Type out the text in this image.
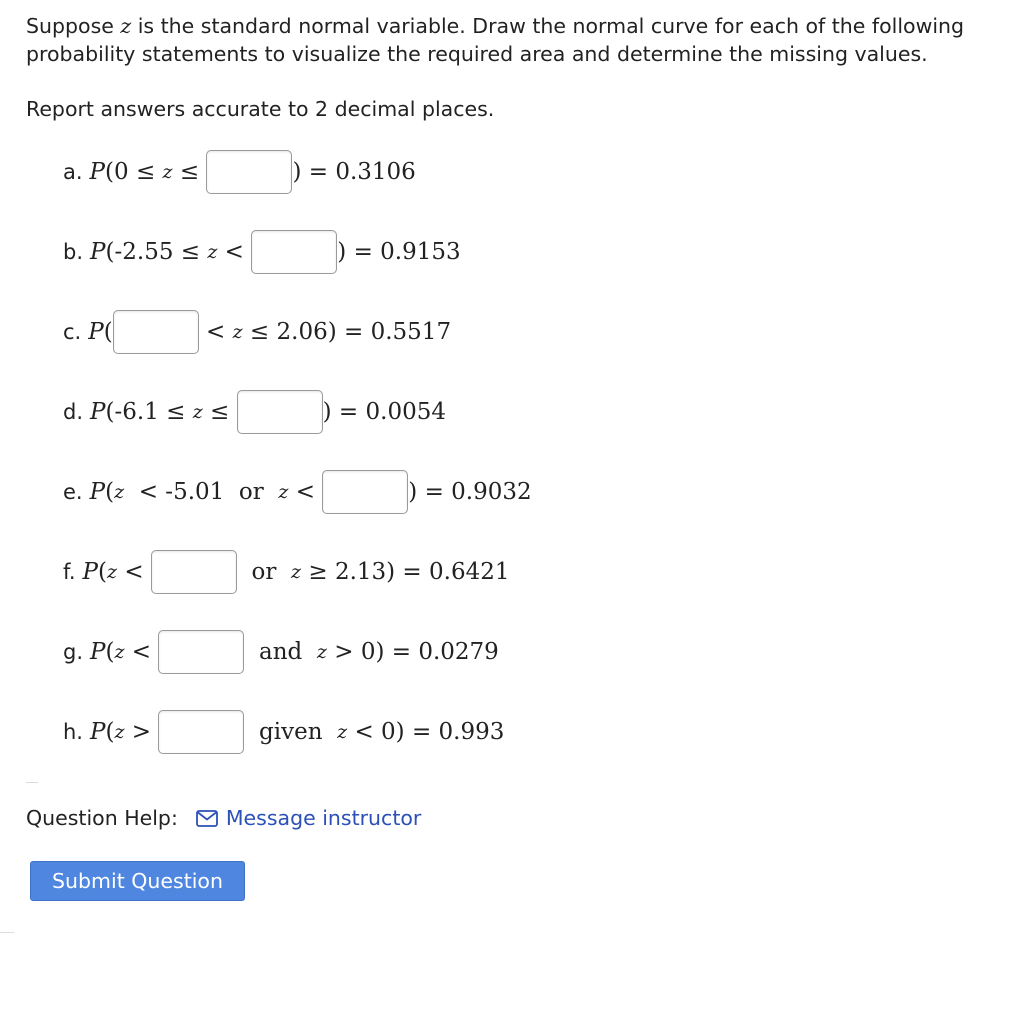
Suppose z is the standard normal variable. Draw the normal curve for each of the following probability statements to visualize the required area and determine the missing values.

Report answers accurate to 2 decimal places.

a. P (0 ≤ z ≤	) = 0.3106
b. P (-2.55 ≤ z <	) = 0.9153
c. P (	< z ≤ 2.06) = 0.5517
d. P (-6.1 ≤ z ≤	) = 0.0054
e. P ( z < -5.01  or z <	) = 0.9032
f. P ( z <	or z ≥ 2.13) = 0.6421
g. P ( z <	and z > 0) = 0.0279
h. P ( z >	given z < 0) = 0.993
Question Help: Message instructor
Submit Question
